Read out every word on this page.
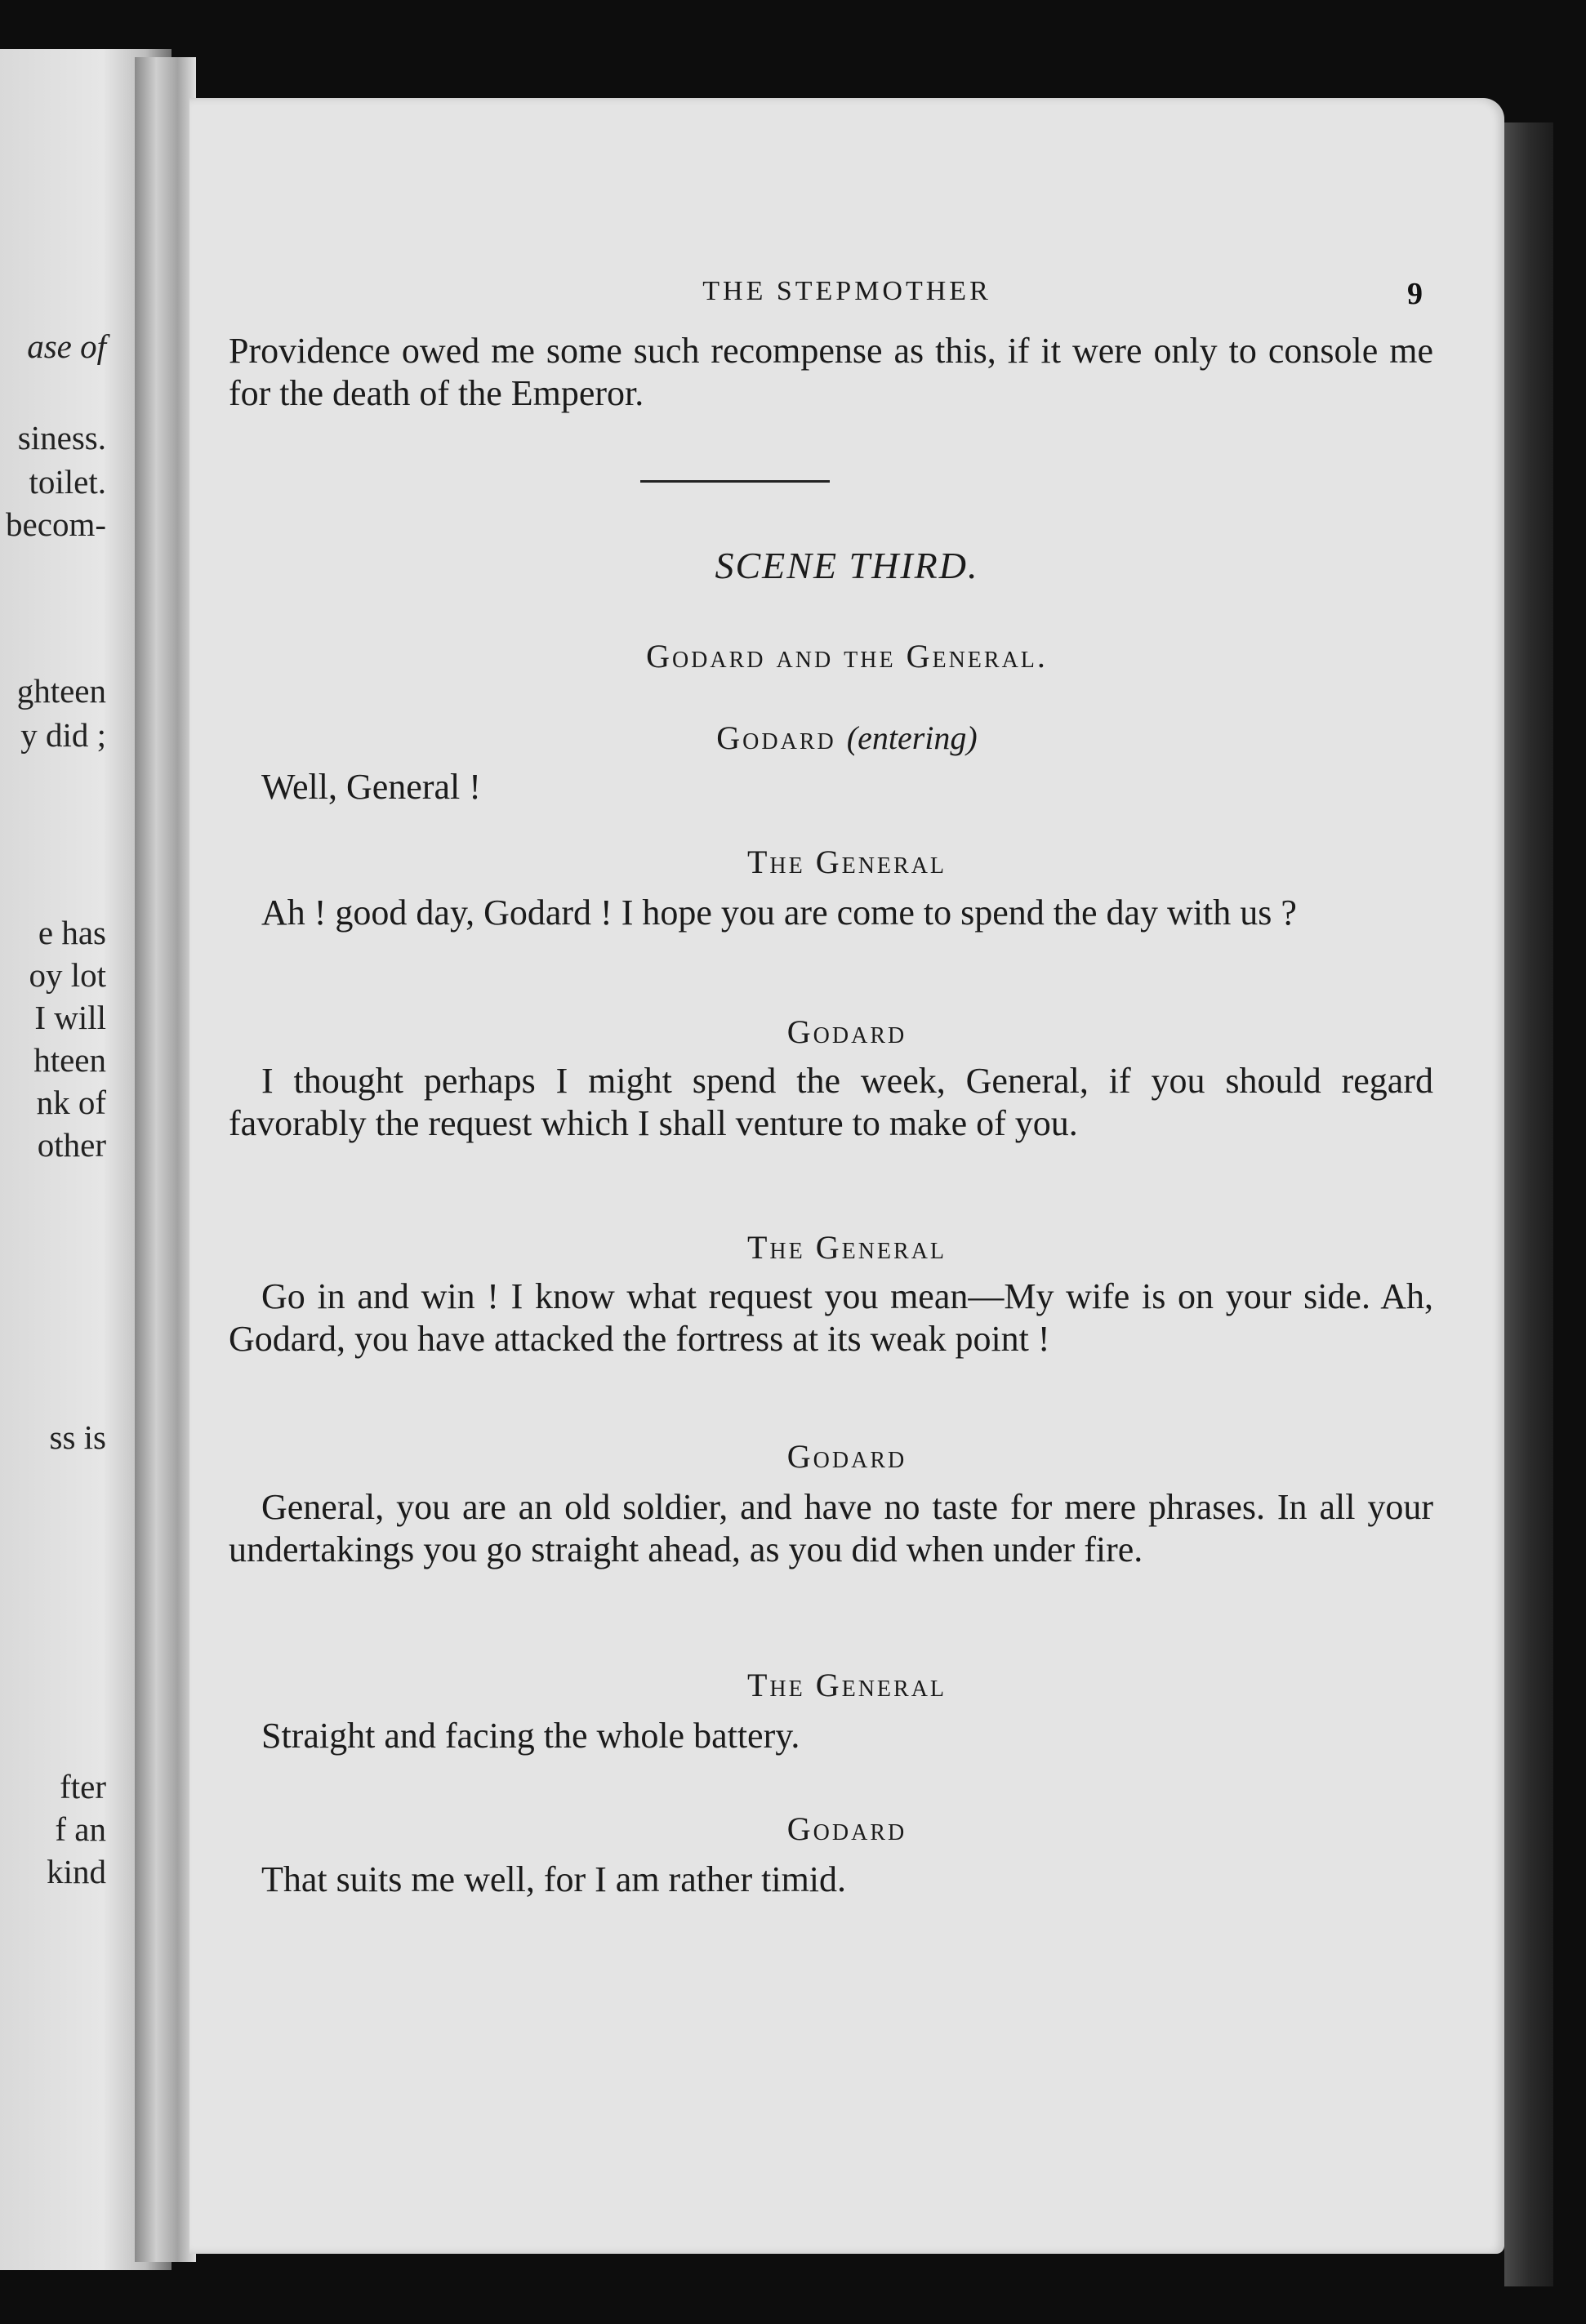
ase of
siness.
toilet.
becom-
ghteen
y did ;
e has
oy lot
I will
hteen
nk of
other
ss is
fter
f an
kind
THE STEPMOTHER	9
Providence owed me some such recompense as this, if it were only to console me for the death of the Emperor.
SCENE THIRD.
Godard and the General.
Godard (entering)
Well, General !
The General
Ah ! good day, Godard ! I hope you are come to spend the day with us ?
Godard
I thought perhaps I might spend the week, General, if you should regard favorably the request which I shall venture to make of you.
The General
Go in and win ! I know what request you mean—My wife is on your side. Ah, Godard, you have attacked the fortress at its weak point !
Godard
General, you are an old soldier, and have no taste for mere phrases. In all your undertakings you go straight ahead, as you did when under fire.
The General
Straight and facing the whole battery.
Godard
That suits me well, for I am rather timid.
